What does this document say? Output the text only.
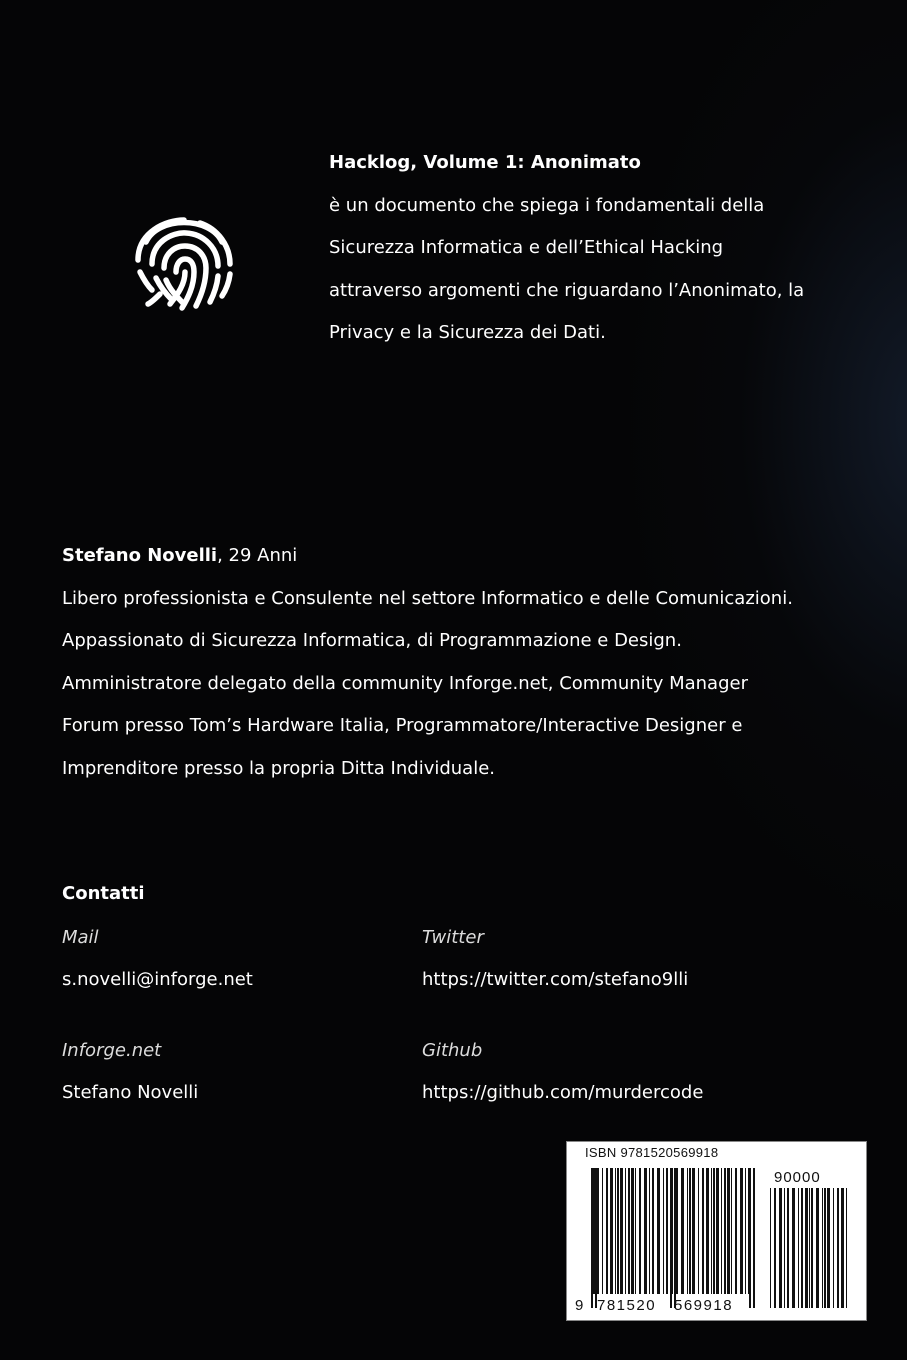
Hacklog, Volume 1: Anonimato
è un documento che spiega i fondamentali della
Sicurezza Informatica e dell’Ethical Hacking
attraverso argomenti che riguardano l’Anonimato, la
Privacy e la Sicurezza dei Dati.
Stefano Novelli, 29 Anni
Libero professionista e Consulente nel settore Informatico e delle Comunicazioni.
Appassionato di Sicurezza Informatica, di Programmazione e Design.
Amministratore delegato della community Inforge.net, Community Manager
Forum presso Tom’s Hardware Italia, Programmatore/Interactive Designer e
Imprenditore presso la propria Ditta Individuale.
Contatti
Mail
s.novelli@inforge.net
Twitter
https://twitter.com/stefano9lli
Inforge.net
Stefano Novelli
Github
https://github.com/murdercode
ISBN 9781520569918
90000
9 781520 569918
